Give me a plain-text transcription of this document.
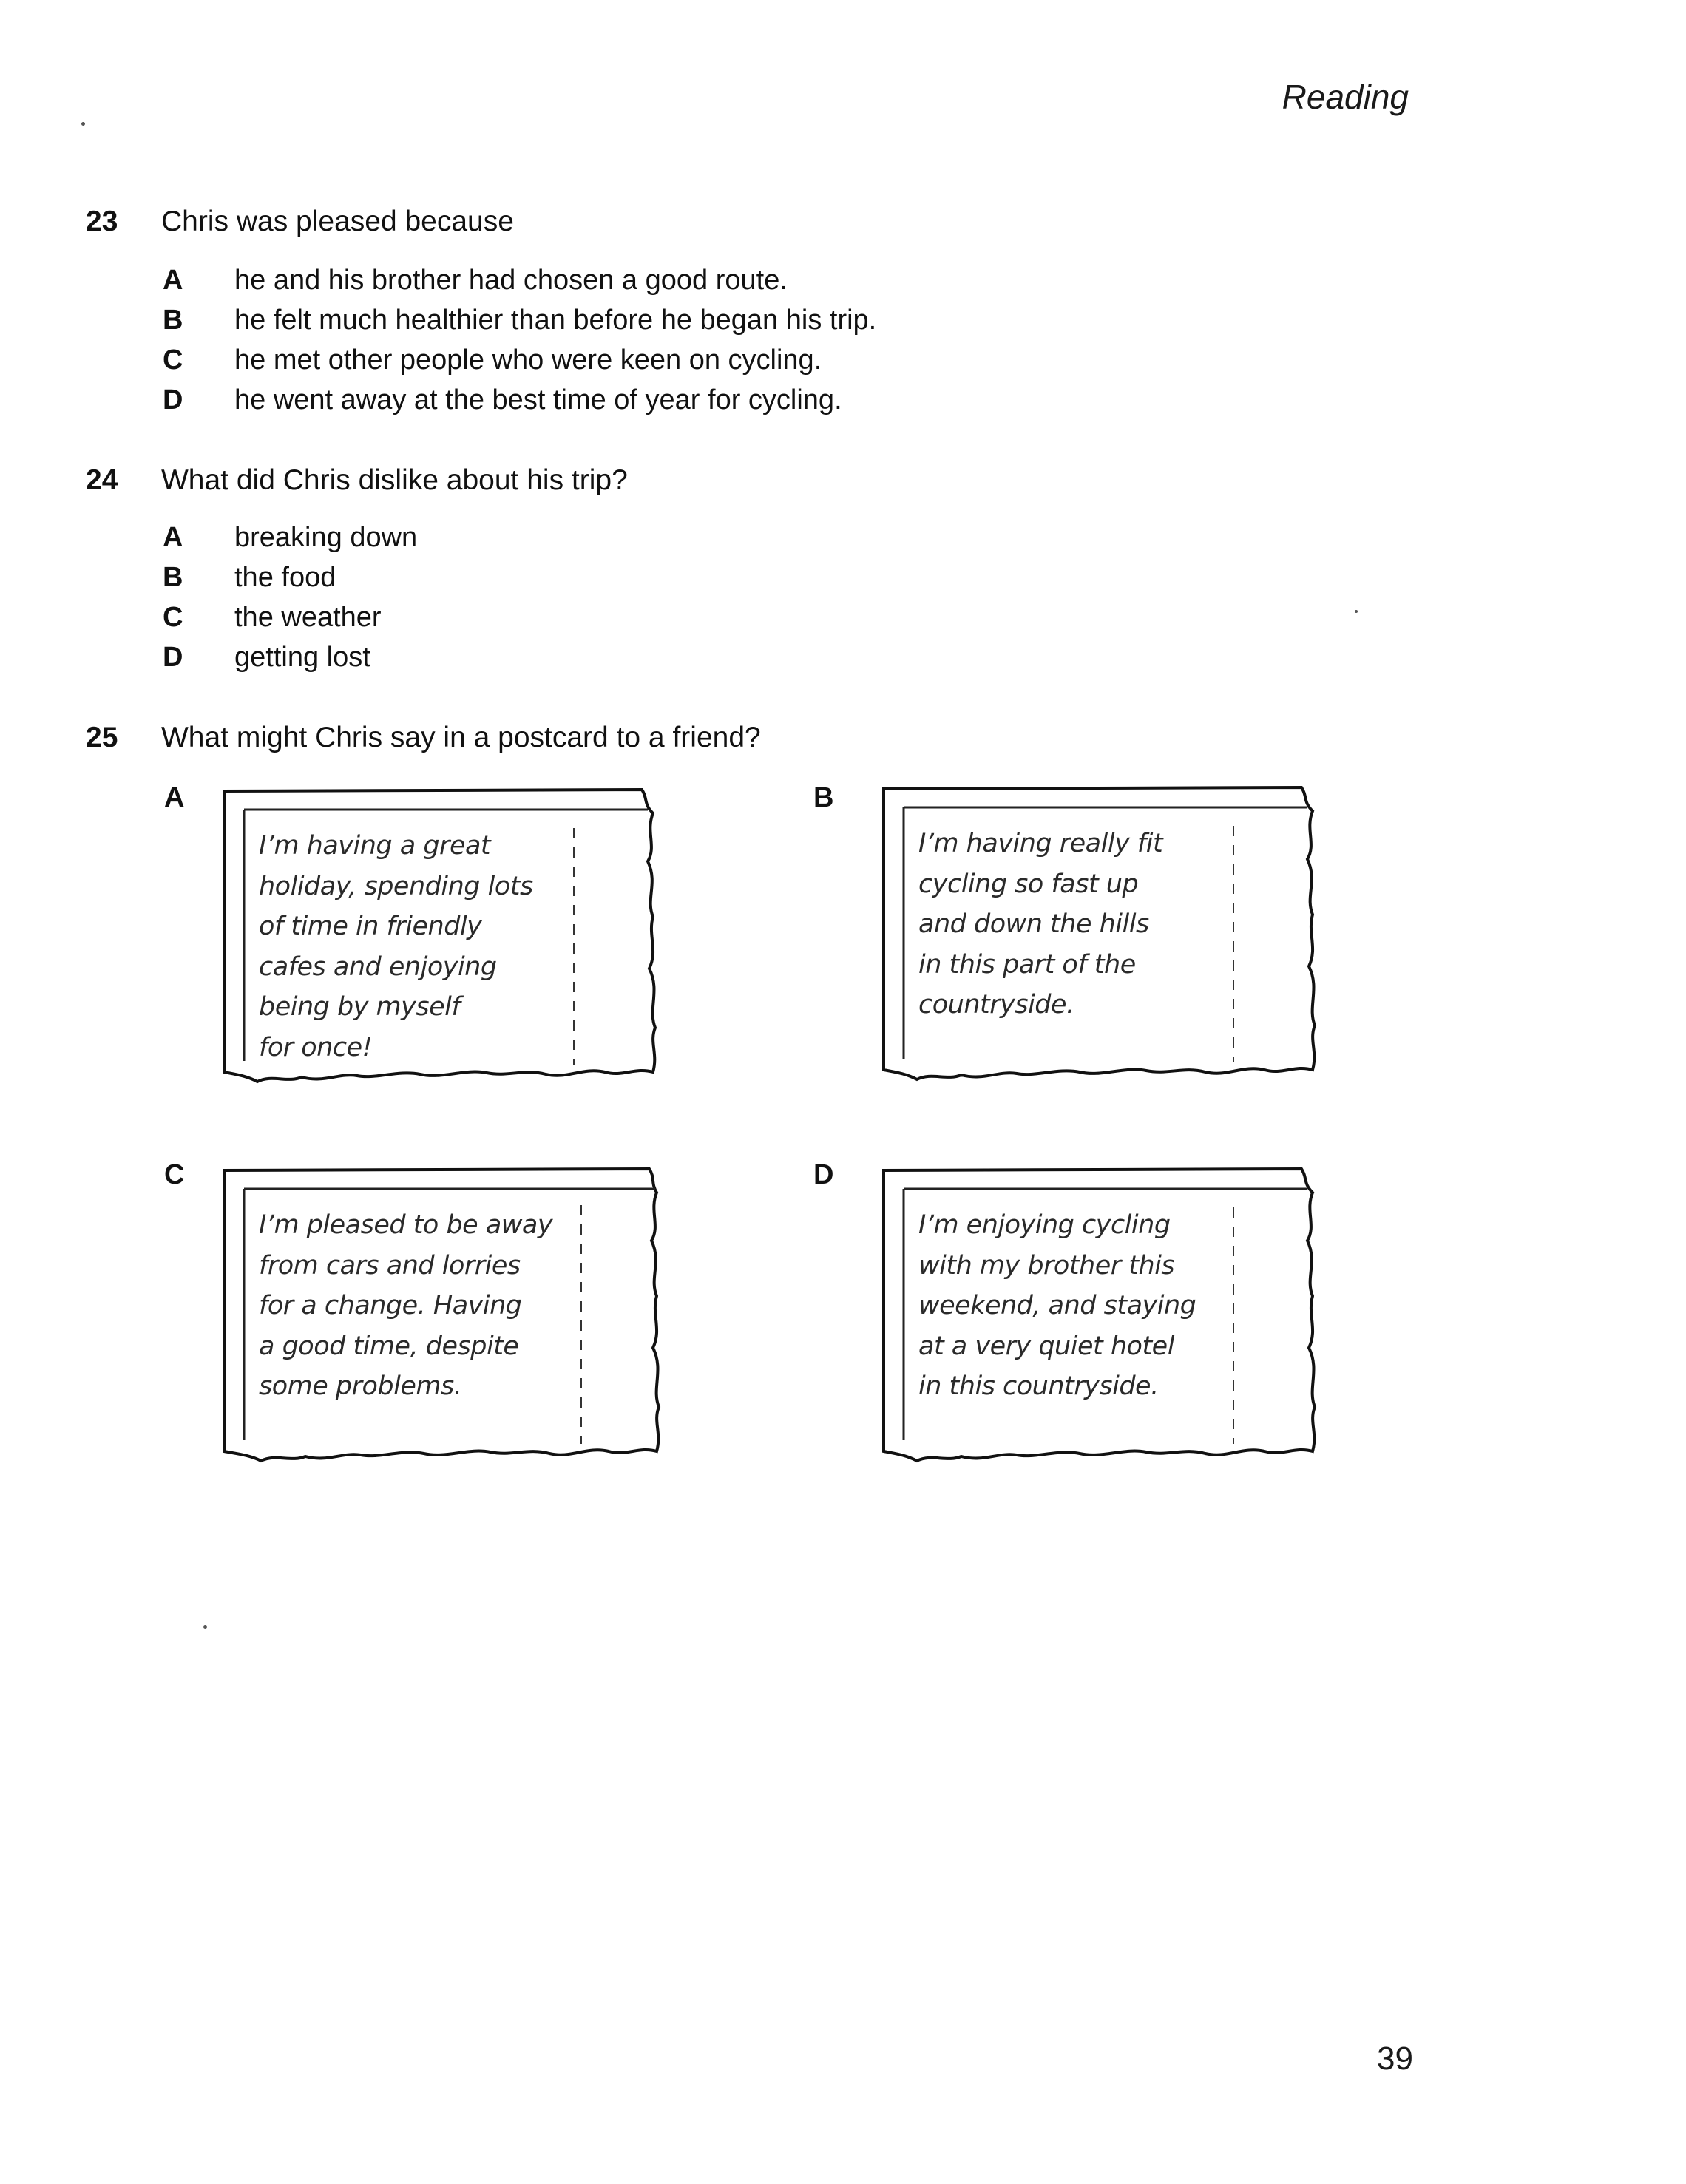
Reading
23 Chris was pleased because
A he and his brother had chosen a good route.
B he felt much healthier than before he began his trip.
C he met other people who were keen on cycling.
D he went away at the best time of year for cycling.
24 What did Chris dislike about his trip?
A breaking down
B the food
C the weather
D getting lost
25 What might Chris say in a postcard to a friend?
A
I’m having a great
holiday, spending lots
of time in friendly
cafes and enjoying
being by myself
for once!
B
I’m having really fit
cycling so fast up
and down the hills
in this part of the
countryside.
C
I’m pleased to be away
from cars and lorries
for a change. Having
a good time, despite
some problems.
D
I’m enjoying cycling
with my brother this
weekend, and staying
at a very quiet hotel
in this countryside.
39
